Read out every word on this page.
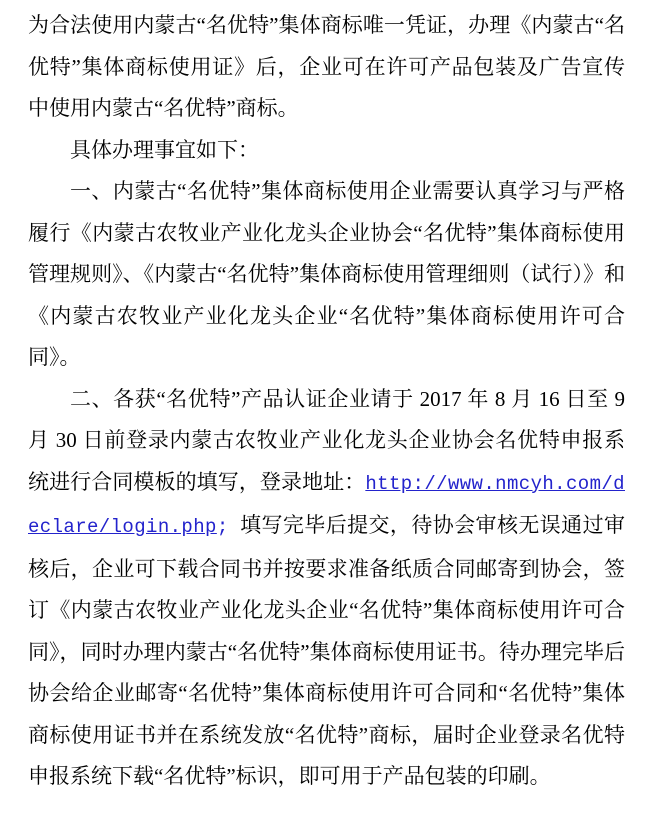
为合法使用内蒙古“名优特”集体商标唯一凭证，办理《内蒙古“名优特”集体商标使用证》后，企业可在许可产品包装及广告宣传中使用内蒙古“名优特”商标。

具体办理事宜如下：

一、内蒙古“名优特”集体商标使用企业需要认真学习与严格履行《内蒙古农牧业产业化龙头企业协会“名优特”集体商标使用管理规则》、《内蒙古“名优特”集体商标使用管理细则（试行）》和《内蒙古农牧业产业化龙头企业“名优特”集体商标使用许可合同》。

二、各获“名优特”产品认证企业请于 2017 年 8 月 16 日至 9 月 30 日前登录内蒙古农牧业产业化龙头企业协会名优特申报系统进行合同模板的填写，登录地址：http://www.nmcyh.com/declare/login.php; 填写完毕后提交，待协会审核无误通过审核后，企业可下载合同书并按要求准备纸质合同邮寄到协会，签订《内蒙古农牧业产业化龙头企业“名优特”集体商标使用许可合同》，同时办理内蒙古“名优特”集体商标使用证书。待办理完毕后协会给企业邮寄“名优特”集体商标使用许可合同和“名优特”集体商标使用证书并在系统发放“名优特”商标，届时企业登录名优特申报系统下载“名优特”标识，即可用于产品包装的印刷。
